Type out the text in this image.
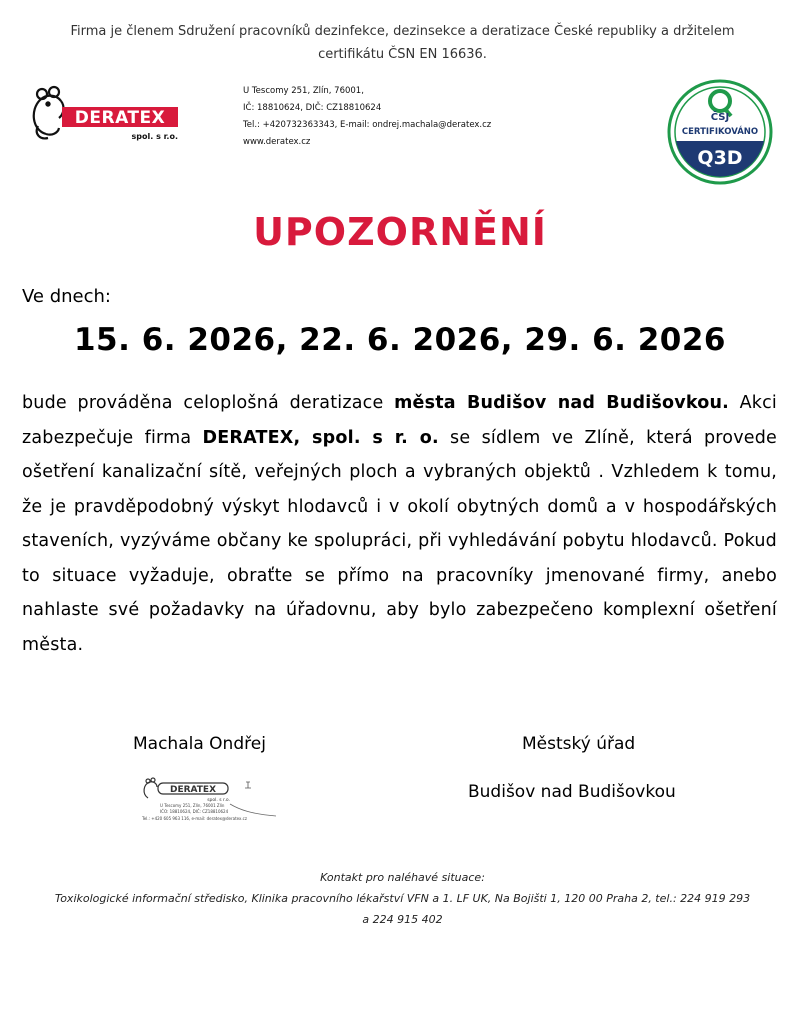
Firma je členem Sdružení pracovníků dezinfekce, dezinsekce a deratizace České republiky a držitelem certifikátu ČSN EN 16636.
DERATEX
spol. s r.o.
U Tescomy 251, Zlín, 76001,
IČ: 18810624, DIČ: CZ18810624
Tel.: +420732363343, E-mail: ondrej.machala@deratex.cz
www.deratex.cz
ČSJ
CERTIFIKOVÁNO
Q3D
UPOZORNĚNÍ
Ve dnech:
15. 6. 2026, 22. 6. 2026, 29. 6. 2026
bude prováděna celoplošná deratizace města Budišov nad Budišovkou. Akci zabezpečuje firma DERATEX, spol. s r. o. se sídlem ve Zlíně, která provede ošetření kanalizační sítě, veřejných ploch a vybraných objektů . Vzhledem k tomu, že je pravděpodobný výskyt hlodavců i v okolí obytných domů a v hospodářských staveních, vyzýváme občany ke spolupráci, při vyhledávání pobytu hlodavců. Pokud to situace vyžaduje, obraťte se přímo na pracovníky jmenované firmy, anebo nahlaste své požadavky na úřadovnu, aby bylo zabezpečeno komplexní ošetření města.
Machala Ondřej
DERATEX
spol. s r.o.
U Tescomy 251, Zlín, 76001 Zlín
IČO: 18810624, DIČ: CZ18810624
Tel.: +420 605 963 116, e-mail: deratex@deratex.cz
Městský úřad
Budišov nad Budišovkou
Kontakt pro naléhavé situace:
Toxikologické informační středisko, Klinika pracovního lékařství VFN a 1. LF UK, Na Bojišti 1, 120 00 Praha 2, tel.: 224 919 293
a 224 915 402
